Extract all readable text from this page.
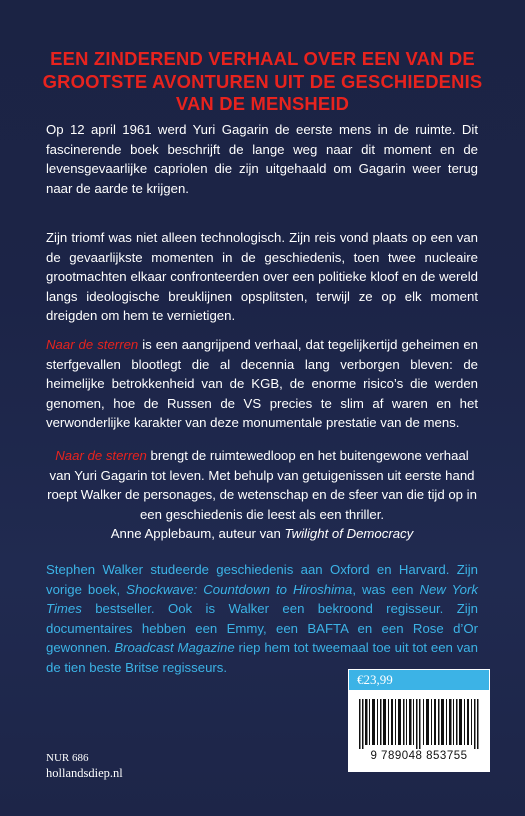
EEN ZINDEREND VERHAAL OVER EEN VAN DE
GROOTSTE AVONTUREN UIT DE GESCHIEDENIS
VAN DE MENSHEID
Op 12 april 1961 werd Yuri Gagarin de eerste mens in de ruimte. Dit fascinerende boek beschrijft de lange weg naar dit moment en de levensgevaarlijke capriolen die zijn uitgehaald om Gagarin weer terug naar de aarde te krijgen.
Zijn triomf was niet alleen technologisch. Zijn reis vond plaats op een van de gevaarlijkste momenten in de geschiedenis, toen twee nucleaire grootmachten elkaar confronteerden over een politieke kloof en de wereld langs ideologische breuklijnen opsplitsten, terwijl ze op elk moment dreigden om hem te vernietigen.
Naar de sterren is een aangrijpend verhaal, dat tegelijkertijd geheimen en sterfgevallen blootlegt die al decennia lang verborgen bleven: de heimelijke betrokkenheid van de KGB, de enorme risico’s die werden genomen, hoe de Russen de VS precies te slim af waren en het verwonderlijke karakter van deze monumentale prestatie van de mens.
Naar de sterren brengt de ruimtewedloop en het buitengewone verhaal van Yuri Gagarin tot leven. Met behulp van getuigenissen uit eerste hand roept Walker de personages, de wetenschap en de sfeer van die tijd op in een geschiedenis die leest als een thriller.
Anne Applebaum, auteur van Twilight of Democracy
Stephen Walker studeerde geschiedenis aan Oxford en Harvard. Zijn vorige boek, Shockwave: Countdown to Hiroshima, was een New York Times bestseller. Ook is Walker een bekroond regisseur. Zijn documentaires hebben een Emmy, een BAFTA en een Rose d’Or gewonnen. Broadcast Magazine riep hem tot tweemaal toe uit tot een van de tien beste Britse regisseurs.
€23,99
9 789048 853755
NUR 686
hollandsdiep.nl
